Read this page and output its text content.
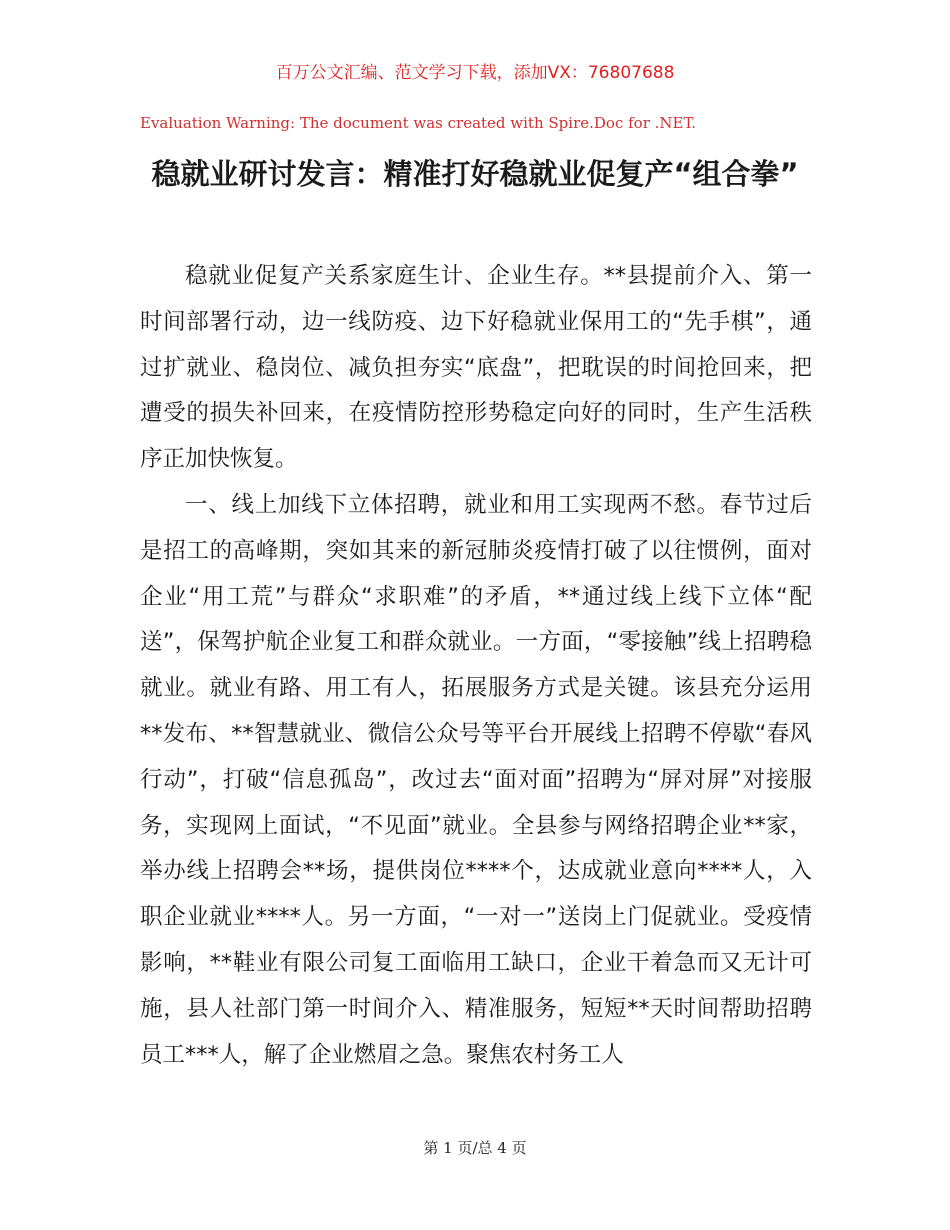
百万公文汇编、范文学习下载，添加VX：76807688
Evaluation Warning: The document was created with Spire.Doc for .NET.
稳就业研讨发言：精准打好稳就业促复产“组合拳”

稳就业促复产关系家庭生计、企业生存。**县提前介入、第一时间部署行动，边一线防疫、边下好稳就业保用工的“先手棋”，通过扩就业、稳岗位、减负担夯实“底盘”，把耽误的时间抢回来，把遭受的损失补回来，在疫情防控形势稳定向好的同时，生产生活秩序正加快恢复。

一、线上加线下立体招聘，就业和用工实现两不愁。春节过后是招工的高峰期，突如其来的新冠肺炎疫情打破了以往惯例，面对企业“用工荒”与群众“求职难”的矛盾，**通过线上线下立体“配送”，保驾护航企业复工和群众就业。一方面，“零接触”线上招聘稳就业。就业有路、用工有人，拓展服务方式是关键。该县充分运用**发布、**智慧就业、微信公众号等平台开展线上招聘不停歇“春风行动”，打破“信息孤岛”，改过去“面对面”招聘为“屏对屏”对接服务，实现网上面试，“不见面”就业。全县参与网络招聘企业**家，举办线上招聘会**场，提供岗位****个，达成就业意向****人，入职企业就业****人。另一方面，“一对一”送岗上门促就业。受疫情影响，**鞋业有限公司复工面临用工缺口，企业干着急而又无计可施，县人社部门第一时间介入、精准服务，短短**天时间帮助招聘员工***人，解了企业燃眉之急。聚焦农村务工人

第 1 页/总 4 页
